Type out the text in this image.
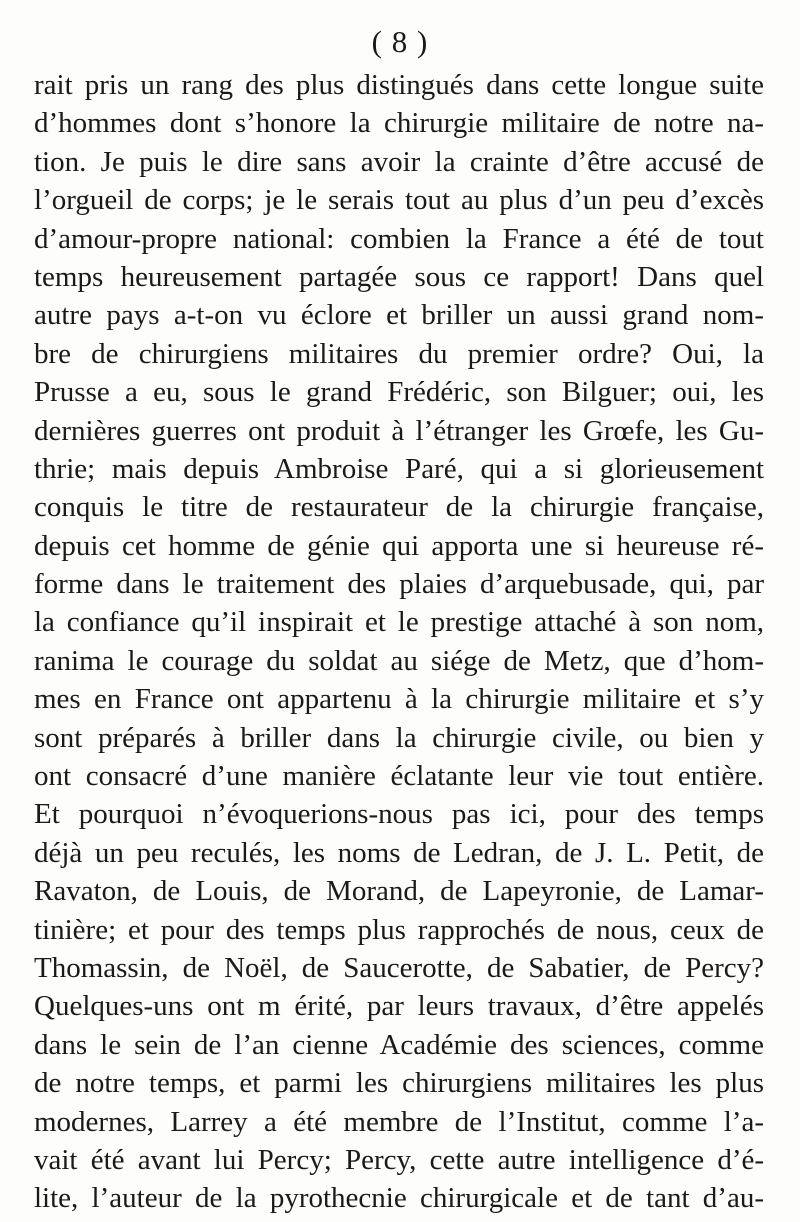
( 8 )
rait pris un rang des plus distingués dans cette longue suite
d’hommes dont s’honore la chirurgie militaire de notre na-
tion. Je puis le dire sans avoir la crainte d’être accusé de
l’orgueil de corps; je le serais tout au plus d’un peu d’excès
d’amour-propre national: combien la France a été de tout
temps heureusement partagée sous ce rapport! Dans quel
autre pays a-t-on vu éclore et briller un aussi grand nom-
bre de chirurgiens militaires du premier ordre? Oui, la
Prusse a eu, sous le grand Frédéric, son Bilguer; oui, les
dernières guerres ont produit à l’étranger les Grœfe, les Gu-
thrie; mais depuis Ambroise Paré, qui a si glorieusement
conquis le titre de restaurateur de la chirurgie française,
depuis cet homme de génie qui apporta une si heureuse ré-
forme dans le traitement des plaies d’arquebusade, qui, par
la confiance qu’il inspirait et le prestige attaché à son nom,
ranima le courage du soldat au siége de Metz, que d’hom-
mes en France ont appartenu à la chirurgie militaire et s’y
sont préparés à briller dans la chirurgie civile, ou bien y
ont consacré d’une manière éclatante leur vie tout entière.
Et pourquoi n’évoquerions-nous pas ici, pour des temps
déjà un peu reculés, les noms de Ledran, de J. L. Petit, de
Ravaton, de Louis, de Morand, de Lapeyronie, de Lamar-
tinière; et pour des temps plus rapprochés de nous, ceux de
Thomassin, de Noël, de Saucerotte, de Sabatier, de Percy?
Quelques-uns ont m érité, par leurs travaux, d’être appelés
dans le sein de l’an cienne Académie des sciences, comme
de notre temps, et parmi les chirurgiens militaires les plus
modernes, Larrey a été membre de l’Institut, comme l’a-
vait été avant lui Percy; Percy, cette autre intelligence d’é-
lite, l’auteur de la pyrothecnie chirurgicale et de tant d’au-
